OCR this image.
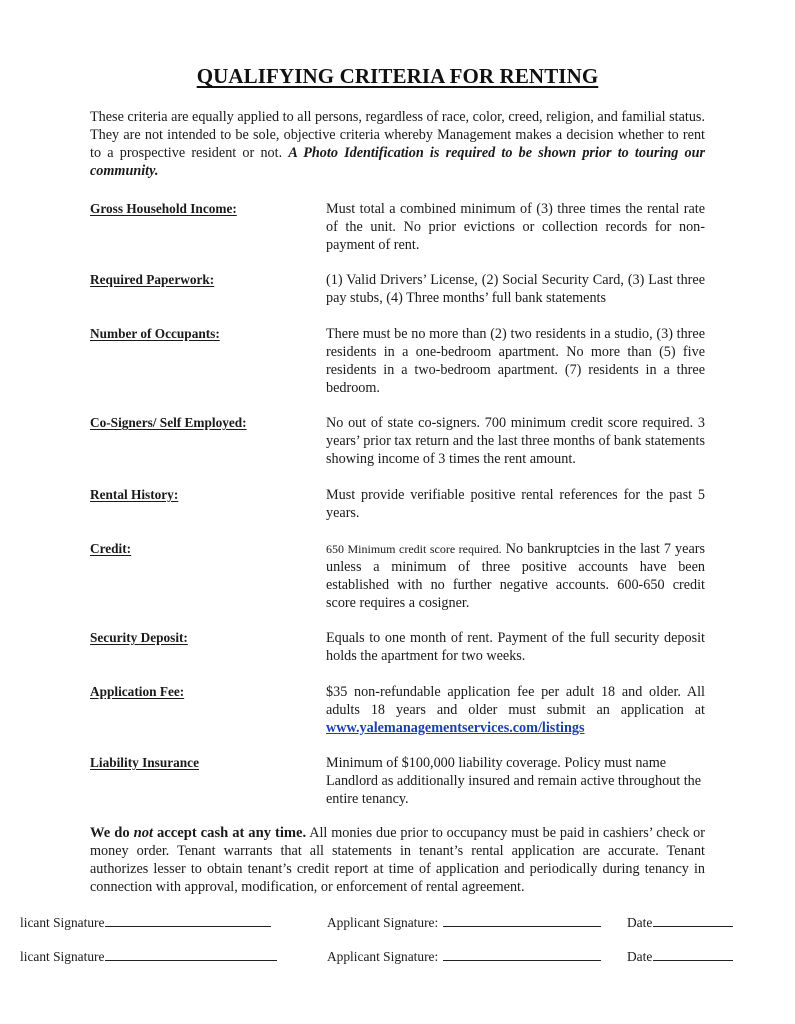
QUALIFYING CRITERIA FOR RENTING
These criteria are equally applied to all persons, regardless of race, color, creed, religion, and familial status. They are not intended to be sole, objective criteria whereby Management makes a decision whether to rent to a prospective resident or not. A Photo Identification is required to be shown prior to touring our community.
Gross Household Income:	Must total a combined minimum of (3) three times the rental rate of the unit. No prior evictions or collection records for non-payment of rent.
Required Paperwork:	(1) Valid Drivers’ License, (2) Social Security Card, (3) Last three pay stubs, (4) Three months’ full bank statements
Number of Occupants:	There must be no more than (2) two residents in a studio, (3) three residents in a one-bedroom apartment. No more than (5) five residents in a two-bedroom apartment. (7) residents in a three bedroom.
Co-Signers/ Self Employed:	No out of state co-signers. 700 minimum credit score required. 3 years’ prior tax return and the last three months of bank statements showing income of 3 times the rent amount.
Rental History:	Must provide verifiable positive rental references for the past 5 years.
Credit:	650 Minimum credit score required. No bankruptcies in the last 7 years unless a minimum of three positive accounts have been established with no further negative accounts. 600-650 credit score requires a cosigner.
Security Deposit:	Equals to one month of rent. Payment of the full security deposit holds the apartment for two weeks.
Application Fee:	$35 non-refundable application fee per adult 18 and older. All adults 18 years and older must submit an application at www.yalemanagementservices.com/listings
Liability Insurance	Minimum of $100,000 liability coverage. Policy must name Landlord as additionally insured and remain active throughout the entire tenancy.
We do not accept cash at any time. All monies due prior to occupancy must be paid in cashiers’ check or money order. Tenant warrants that all statements in tenant’s rental application are accurate. Tenant authorizes lesser to obtain tenant’s credit report at time of application and periodically during tenancy in connection with approval, modification, or enforcement of rental agreement.
licant Signature	Applicant Signature:	Date
licant Signature	Applicant Signature:	Date
